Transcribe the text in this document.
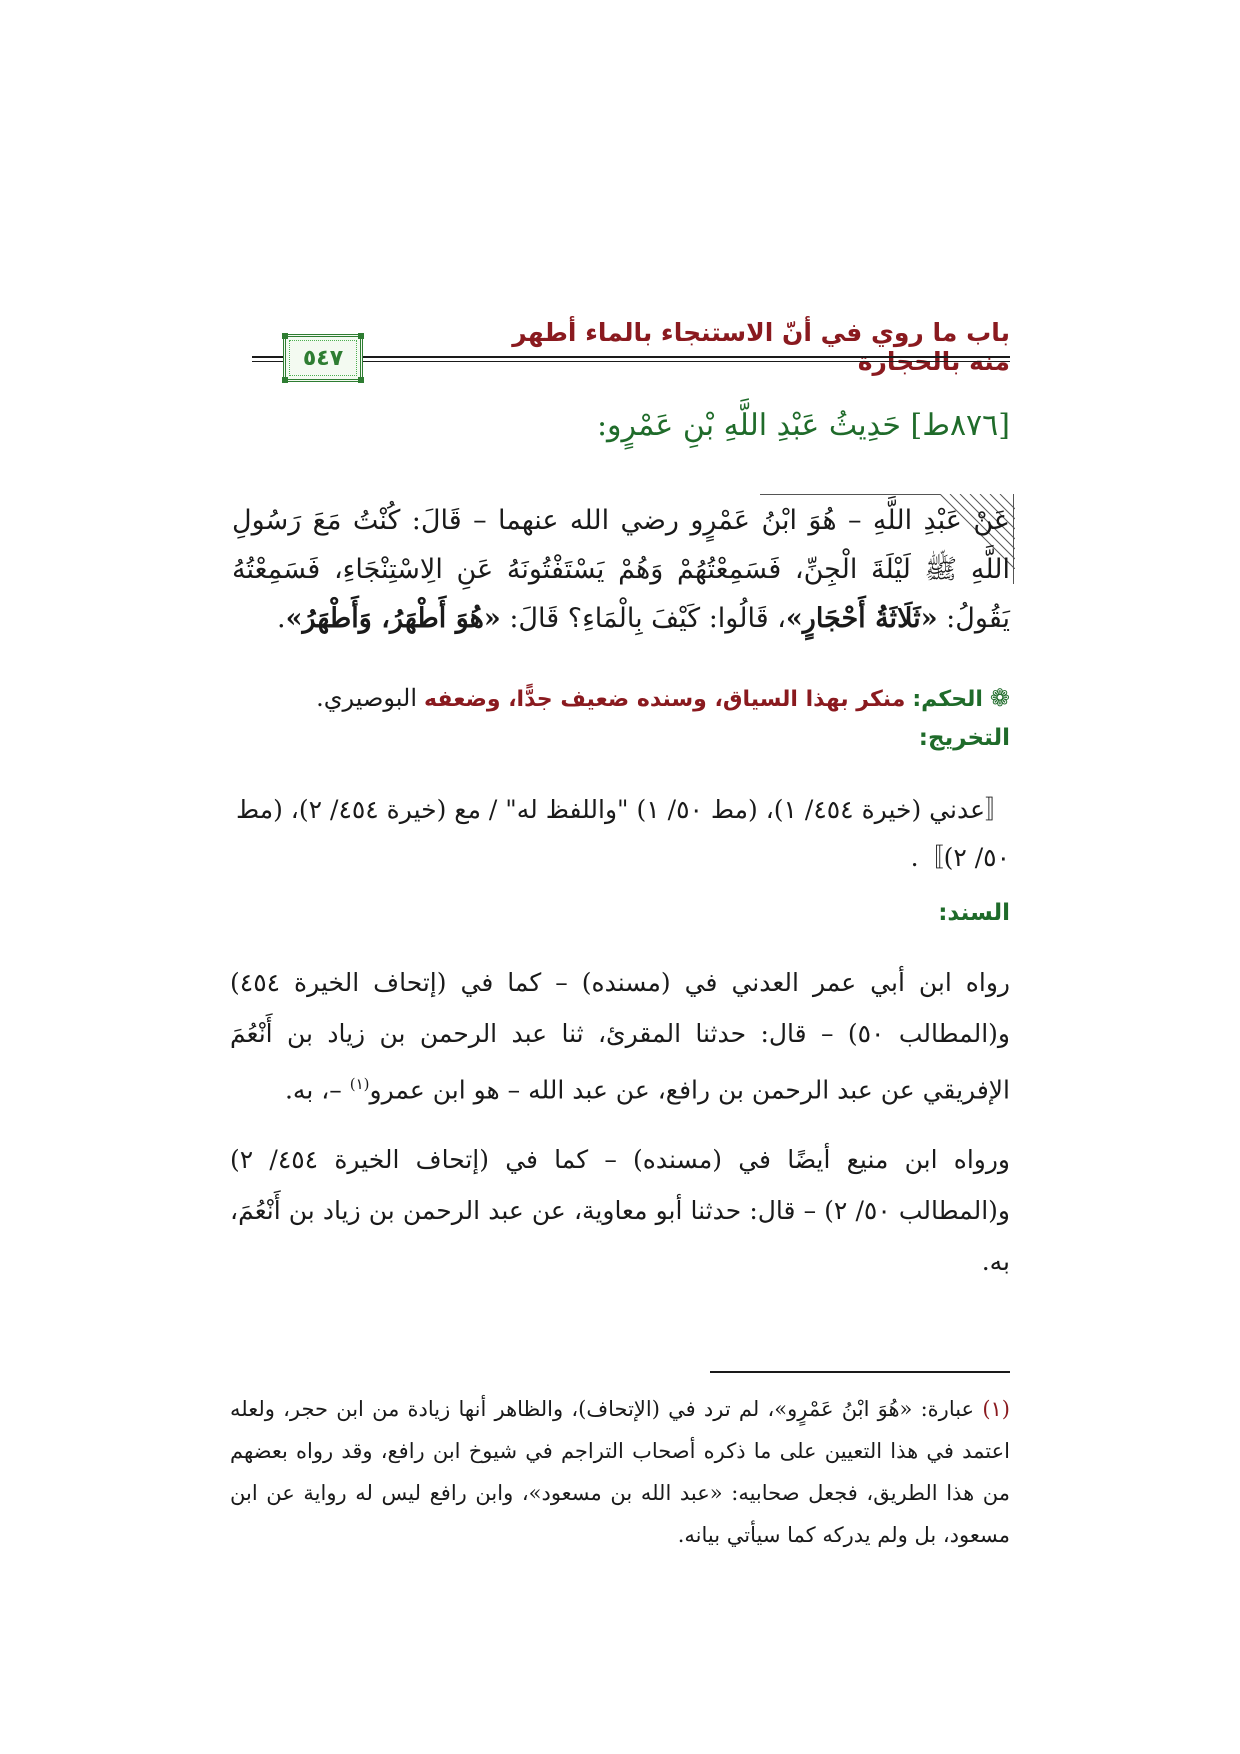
باب ما روي في أنّ الاستنجاء بالماء أطهر منه بالحجارة
٥٤٧
[٨٧٦ط] حَدِيثُ عَبْدِ اللَّهِ بْنِ عَمْرٍو:
عَنْ عَبْدِ اللَّهِ – هُوَ ابْنُ عَمْرٍو رضي الله عنهما – قَالَ: كُنْتُ مَعَ رَسُولِ اللَّهِ ﷺ لَيْلَةَ الْجِنِّ، فَسَمِعْتُهُمْ وَهُمْ يَسْتَفْتُونَهُ عَنِ الِاسْتِنْجَاءِ، فَسَمِعْتُهُ يَقُولُ: «ثَلَاثَةُ أَحْجَارٍ»، قَالُوا: كَيْفَ بِالْمَاءِ؟ قَالَ: «هُوَ أَطْهَرُ، وَأَطْهَرُ».
❁ الحكم: منكر بهذا السياق، وسنده ضعيف جدًّا، وضعفه البوصيري.
التخريج:
〚عدني (خيرة ٤٥٤/ ١)، (مط ٥٠/ ١) "واللفظ له" / مع (خيرة ٤٥٤/ ٢)، (مط ٥٠/ ٢)〛.
السند:
رواه ابن أبي عمر العدني في (مسنده) – كما في (إتحاف الخيرة ٤٥٤) و(المطالب ٥٠) – قال: حدثنا المقرئ، ثنا عبد الرحمن بن زياد بن أَنْعُمَ الإفريقي عن عبد الرحمن بن رافع، عن عبد الله – هو ابن عمرو$^{(١)}$ –، به.
ورواه ابن منيع أيضًا في (مسنده) – كما في (إتحاف الخيرة ٤٥٤/ ٢) و(المطالب ٥٠/ ٢) – قال: حدثنا أبو معاوية، عن عبد الرحمن بن زياد بن أَنْعُمَ، به.
(١) عبارة: «هُوَ ابْنُ عَمْرٍو»، لم ترد في (الإتحاف)، والظاهر أنها زيادة من ابن حجر، ولعله اعتمد في هذا التعيين على ما ذكره أصحاب التراجم في شيوخ ابن رافع، وقد رواه بعضهم من هذا الطريق، فجعل صحابيه: «عبد الله بن مسعود»، وابن رافع ليس له رواية عن ابن مسعود، بل ولم يدركه كما سيأتي بيانه.
